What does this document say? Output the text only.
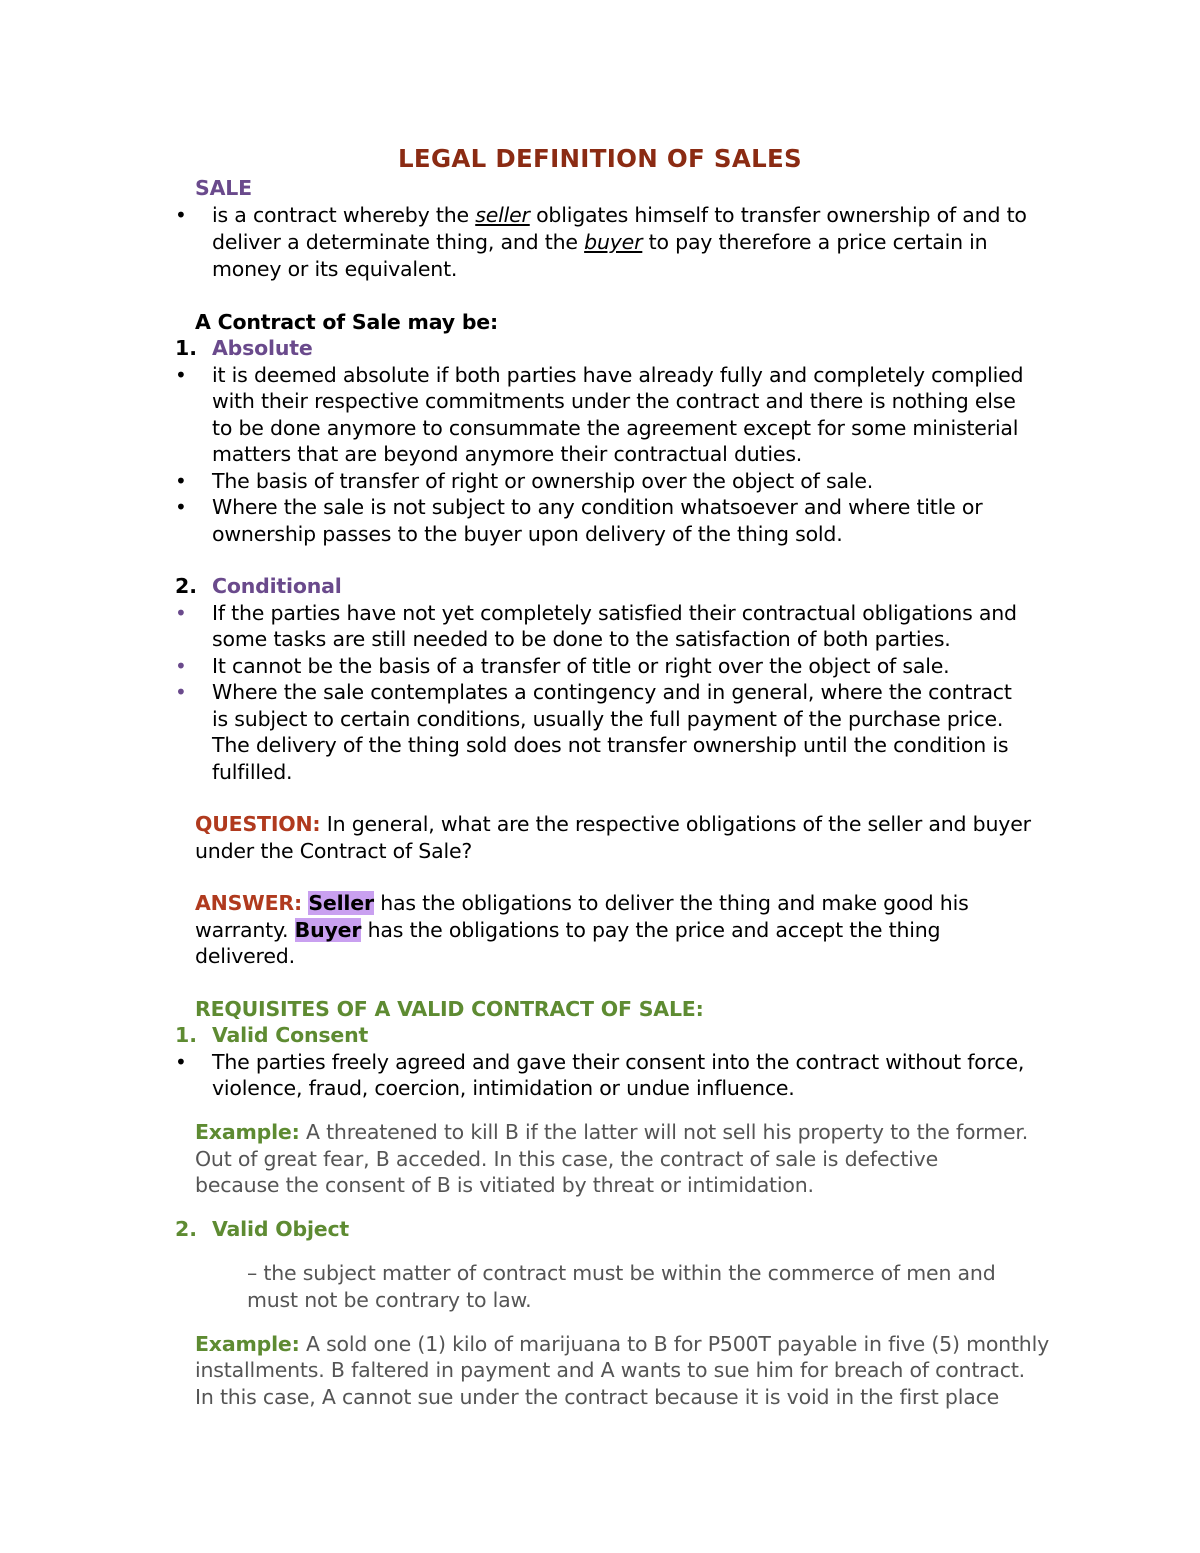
LEGAL DEFINITION OF SALES
SALE
• is a contract whereby the seller obligates himself to transfer ownership of and to
deliver a determinate thing, and the buyer to pay therefore a price certain in
money or its equivalent.
A Contract of Sale may be:
1. Absolute
• it is deemed absolute if both parties have already fully and completely complied
with their respective commitments under the contract and there is nothing else
to be done anymore to consummate the agreement except for some ministerial
matters that are beyond anymore their contractual duties.
• The basis of transfer of right or ownership over the object of sale.
• Where the sale is not subject to any condition whatsoever and where title or
ownership passes to the buyer upon delivery of the thing sold.
2. Conditional
• If the parties have not yet completely satisfied their contractual obligations and
some tasks are still needed to be done to the satisfaction of both parties.
• It cannot be the basis of a transfer of title or right over the object of sale.
• Where the sale contemplates a contingency and in general, where the contract
is subject to certain conditions, usually the full payment of the purchase price.
The delivery of the thing sold does not transfer ownership until the condition is
fulfilled.
QUESTION: In general, what are the respective obligations of the seller and buyer
under the Contract of Sale?
ANSWER: Seller has the obligations to deliver the thing and make good his
warranty. Buyer has the obligations to pay the price and accept the thing
delivered.
REQUISITES OF A VALID CONTRACT OF SALE:
1. Valid Consent
• The parties freely agreed and gave their consent into the contract without force,
violence, fraud, coercion, intimidation or undue influence.
Example: A threatened to kill B if the latter will not sell his property to the former.
Out of great fear, B acceded. In this case, the contract of sale is defective
because the consent of B is vitiated by threat or intimidation.
2. Valid Object
– the subject matter of contract must be within the commerce of men and
must not be contrary to law.
Example: A sold one (1) kilo of marijuana to B for P500T payable in five (5) monthly
installments. B faltered in payment and A wants to sue him for breach of contract.
In this case, A cannot sue under the contract because it is void in the first place
